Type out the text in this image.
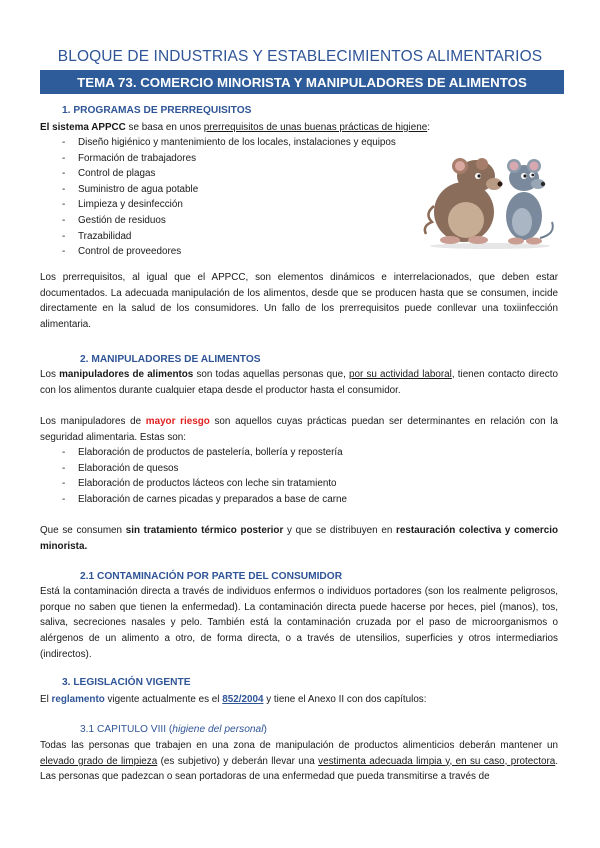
BLOQUE DE INDUSTRIAS Y ESTABLECIMIENTOS ALIMENTARIOS
TEMA 73. COMERCIO MINORISTA Y MANIPULADORES DE ALIMENTOS
1. PROGRAMAS DE PRERREQUISITOS
El sistema APPCC se basa en unos prerrequisitos de unas buenas prácticas de higiene:
- Diseño higiénico y mantenimiento de los locales, instalaciones y equipos
- Formación de trabajadores
- Control de plagas
- Suministro de agua potable
- Limpieza y desinfección
- Gestión de residuos
- Trazabilidad
- Control de proveedores
Los prerrequisitos, al igual que el APPCC, son elementos dinámicos e interrelacionados, que deben estar documentados. La adecuada manipulación de los alimentos, desde que se producen hasta que se consumen, incide directamente en la salud de los consumidores. Un fallo de los prerrequisitos puede conllevar una toxiinfección alimentaria.
2. MANIPULADORES DE ALIMENTOS
Los manipuladores de alimentos son todas aquellas personas que, por su actividad laboral, tienen contacto directo con los alimentos durante cualquier etapa desde el productor hasta el consumidor.
Los manipuladores de mayor riesgo son aquellos cuyas prácticas puedan ser determinantes en relación con la seguridad alimentaria. Estas son:
- Elaboración de productos de pastelería, bollería y repostería
- Elaboración de quesos
- Elaboración de productos lácteos con leche sin tratamiento
- Elaboración de carnes picadas y preparados a base de carne
Que se consumen sin tratamiento térmico posterior y que se distribuyen en restauración colectiva y comercio minorista.
2.1 CONTAMINACIÓN POR PARTE DEL CONSUMIDOR
Está la contaminación directa a través de individuos enfermos o individuos portadores (son los realmente peligrosos, porque no saben que tienen la enfermedad). La contaminación directa puede hacerse por heces, piel (manos), tos, saliva, secreciones nasales y pelo. También está la contaminación cruzada por el paso de microorganismos o alérgenos de un alimento a otro, de forma directa, o a través de utensilios, superficies y otros intermediarios (indirectos).
3. LEGISLACIÓN VIGENTE
El reglamento vigente actualmente es el 852/2004 y tiene el Anexo II con dos capítulos:
3.1 CAPITULO VIII (higiene del personal)
Todas las personas que trabajen en una zona de manipulación de productos alimenticios deberán mantener un elevado grado de limpieza (es subjetivo) y deberán llevar una vestimenta adecuada limpia y, en su caso, protectora. Las personas que padezcan o sean portadoras de una enfermedad que pueda transmitirse a través de
